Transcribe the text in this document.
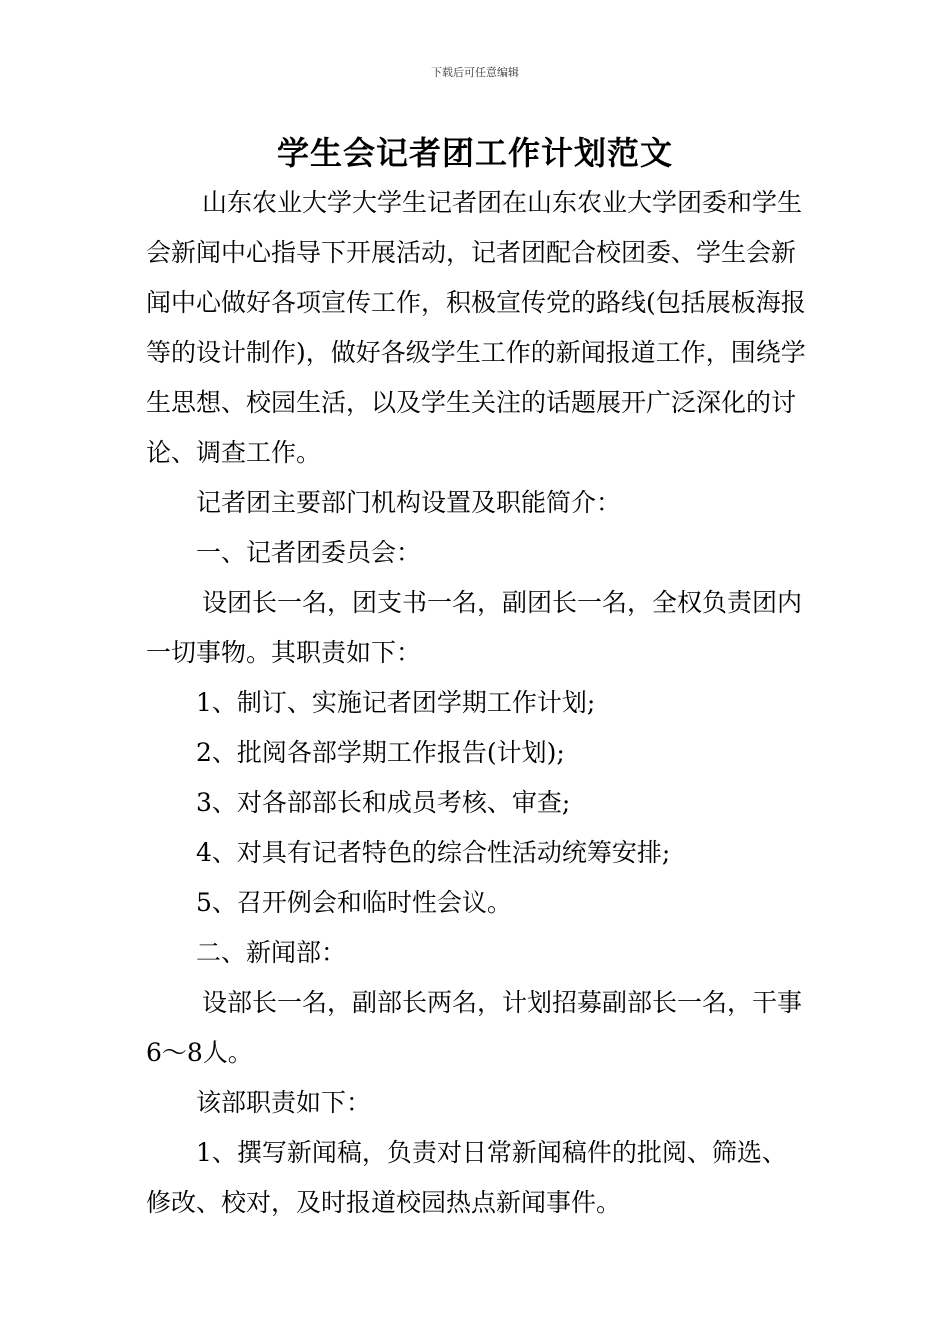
下载后可任意编辑
学生会记者团工作计划范文

山东农业大学大学生记者团在山东农业大学团委和学生会新闻中心指导下开展活动，记者团配合校团委、学生会新闻中心做好各项宣传工作，积极宣传党的路线(包括展板海报等的设计制作)，做好各级学生工作的新闻报道工作，围绕学生思想、校园生活，以及学生关注的话题展开广泛深化的讨论、调查工作。

记者团主要部门机构设置及职能简介：

一、记者团委员会：

设团长一名，团支书一名，副团长一名，全权负责团内一切事物。其职责如下：

1、制订、实施记者团学期工作计划;

2、批阅各部学期工作报告(计划);

3、对各部部长和成员考核、审查;

4、对具有记者特色的综合性活动统筹安排;

5、召开例会和临时性会议。

二、新闻部：

设部长一名，副部长两名，计划招募副部长一名，干事6～8人。

该部职责如下：

1、撰写新闻稿，负责对日常新闻稿件的批阅、筛选、修改、校对，及时报道校园热点新闻事件。
